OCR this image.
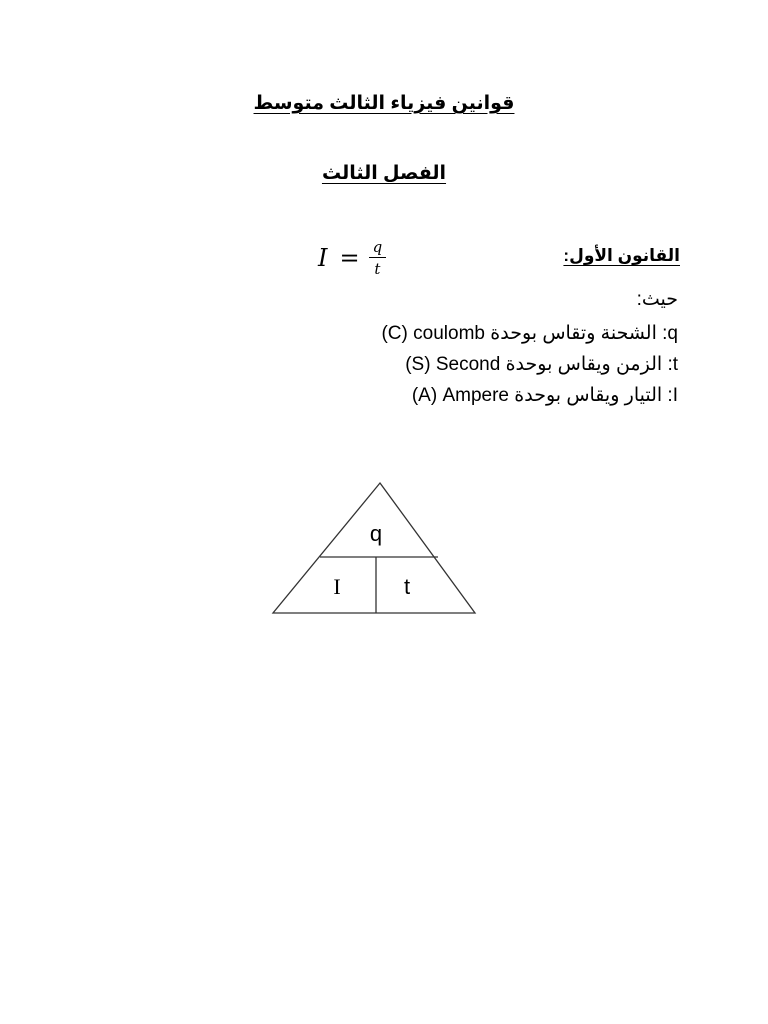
قوانين فيزياء الثالث متوسط
الفصل الثالث
القانون الأول:
$I = \frac{q}{t}$
حيث:
q: الشحنة وتقاس بوحدة (C) coulomb
t: الزمن ويقاس بوحدة (S) Second
I: التيار ويقاس بوحدة (A) Ampere
q
I	t
